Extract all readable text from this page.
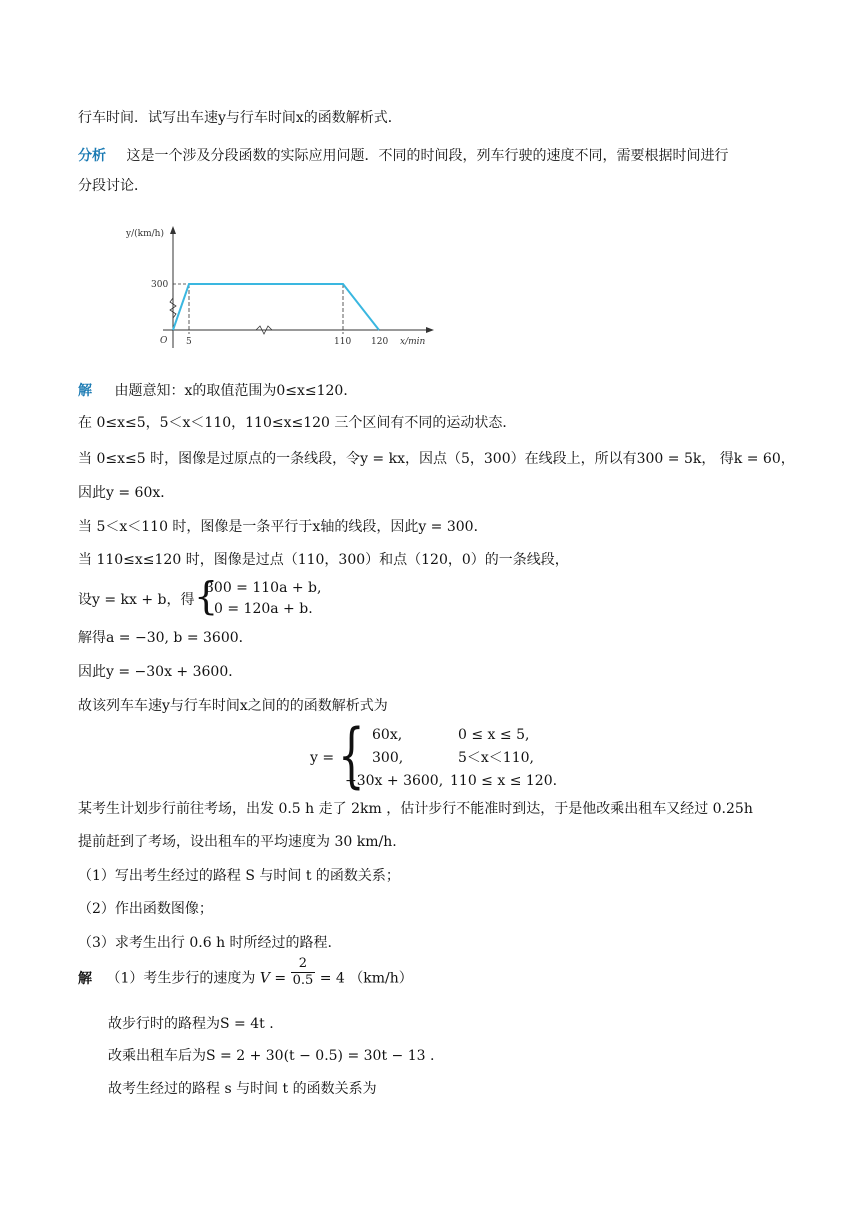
行车时间．试写出车速y与行车时间x的函数解析式．
分析 这是一个涉及分段函数的实际应用问题．不同的时间段，列车行驶的速度不同，需要根据时间进行
分段讨论．
y/(km/h)
x/min
O
300
5	110 120
解 由题意知：x的取值范围为0≤x≤120．
在 0≤x≤5，5＜x＜110，110≤x≤120 三个区间有不同的运动状态．
当 0≤x≤5 时，图像是过原点的一条线段，令y = kx，因点（5，300）在线段上，所以有300 = 5k， 得k = 60，
因此y = 60x．
当 5＜x＜110 时，图像是一条平行于x轴的线段，因此y = 300．
当 110≤x≤120 时，图像是过点（110，300）和点（120，0）的一条线段，
设y = kx + b，得 {
300 = 110a + b,
0 = 120a + b.
解得a = −30, b = 3600．
因此y = −30x + 3600．
故该列车车速y与行车时间x之间的的函数解析式为
y = { 60x,	0 ≤ x ≤ 5,
300,	5＜x＜110,
−30x + 3600, 110 ≤ x ≤ 120.
某考生计划步行前往考场，出发 0.5 h 走了 2km ，估计步行不能准时到达，于是他改乘出租车又经过 0.25h
提前赶到了考场，设出租车的平均速度为 30 km/h.
（1）写出考生经过的路程 S 与时间 t 的函数关系；
（2）作出函数图像；
（3）求考生出行 0.6 h 时所经过的路程.
解 （1）考生步行的速度为 $V = \frac{2}{0.5} = 4$ （km/h）
故步行时的路程为S = 4t .
改乘出租车后为S = 2 + 30(t − 0.5) = 30t − 13 .
故考生经过的路程 s 与时间 t 的函数关系为
